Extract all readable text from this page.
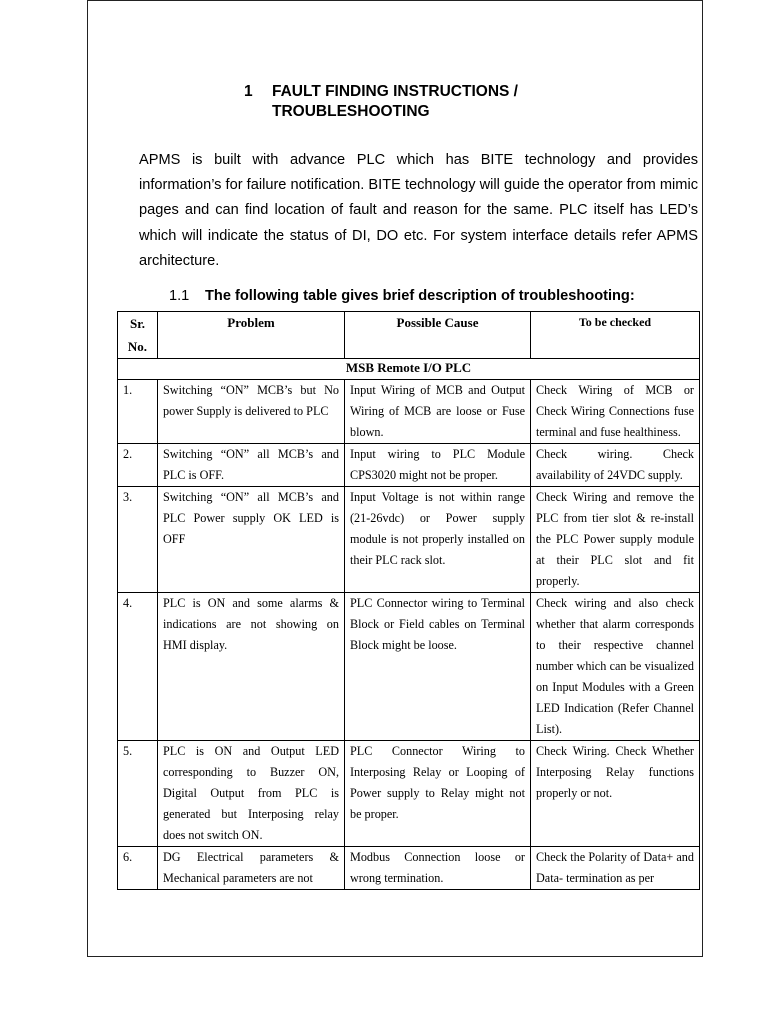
1	FAULT FINDING INSTRUCTIONS / TROUBLESHOOTING
APMS is built with advance PLC which has BITE technology and provides information’s for failure notification. BITE technology will guide the operator from mimic pages and can find location of fault and reason for the same. PLC itself has LED’s which will indicate the status of DI, DO etc. For system interface details refer APMS architecture.
1.1	The following table gives brief description of troubleshooting:
Sr. No.	Problem	Possible Cause	To be checked
MSB Remote I/O PLC			
1.	Switching “ON” MCB’s but No power Supply is delivered to PLC	Input Wiring of MCB and Output Wiring of MCB are loose or Fuse blown.	Check Wiring of MCB or Check Wiring Connections fuse terminal and fuse healthiness.
2.	Switching “ON” all MCB’s and PLC is OFF.	Input wiring to PLC Module CPS3020 might not be proper.	Check wiring. Check availability of 24VDC supply.
3.	Switching “ON” all MCB’s and PLC Power supply OK LED is OFF	Input Voltage is not within range (21-26vdc) or Power supply module is not properly installed on their PLC rack slot.	Check Wiring and remove the PLC from tier slot & re-install the PLC Power supply module at their PLC slot and fit properly.
4.	PLC is ON and some alarms & indications are not showing on HMI display.	PLC Connector wiring to Terminal Block or Field cables on Terminal Block might be loose.	Check wiring and also check whether that alarm corresponds to their respective channel number which can be visualized on Input Modules with a Green LED Indication (Refer Channel List).
5.	PLC is ON and Output LED corresponding to Buzzer ON, Digital Output from PLC is generated but Interposing relay does not switch ON.	PLC Connector Wiring to Interposing Relay or Looping of Power supply to Relay might not be proper.	Check Wiring. Check Whether Interposing Relay functions properly or not.
6.	DG Electrical parameters & Mechanical parameters are not	Modbus Connection loose or wrong termination.	Check the Polarity of Data+ and Data- termination as per
